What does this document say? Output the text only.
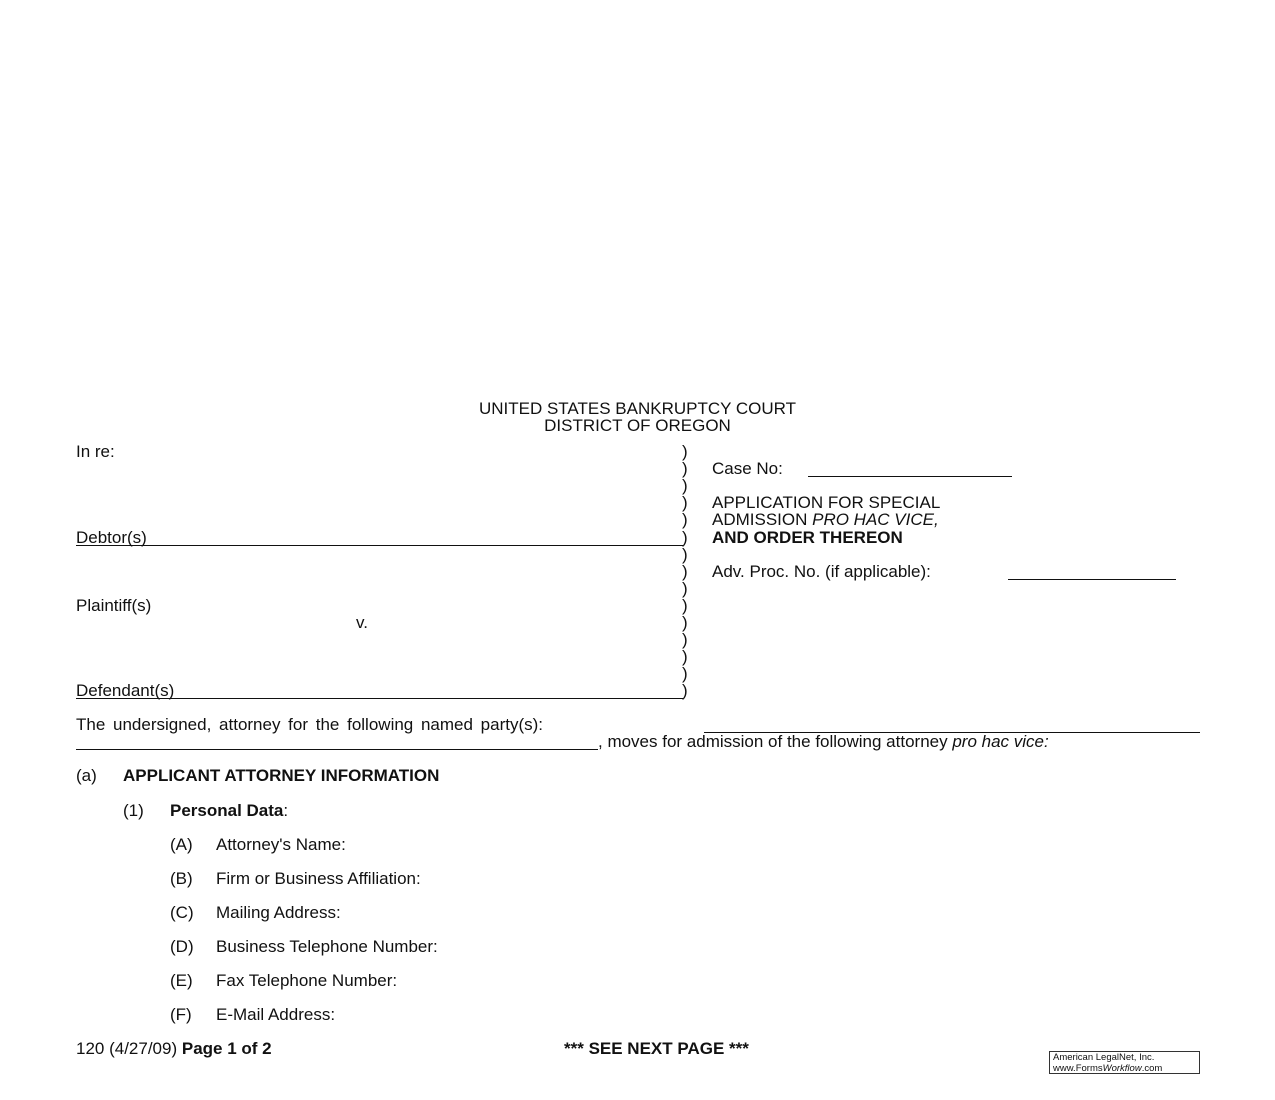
UNITED STATES BANKRUPTCY COURT
DISTRICT OF OREGON
In re:
Debtor(s)
Plaintiff(s)
v.
Defendant(s)
)
)
)
)
)
)
)
)
)
)
)
)
)
)
)
Case No:
APPLICATION FOR SPECIAL
ADMISSION PRO HAC VICE,
AND ORDER THEREON
Adv. Proc. No. (if applicable):
The undersigned, attorney for the following named party(s):
, moves for admission of the following attorney pro hac vice:
(a) APPLICANT ATTORNEY INFORMATION
(1) Personal Data:
(A) Attorney's Name:
(B) Firm or Business Affiliation:
(C) Mailing Address:
(D) Business Telephone Number:
(E) Fax Telephone Number:
(F) E-Mail Address:
120 (4/27/09) Page 1 of 2	*** SEE NEXT PAGE ***	American LegalNet, Inc.
www.FormsWorkflow.com
